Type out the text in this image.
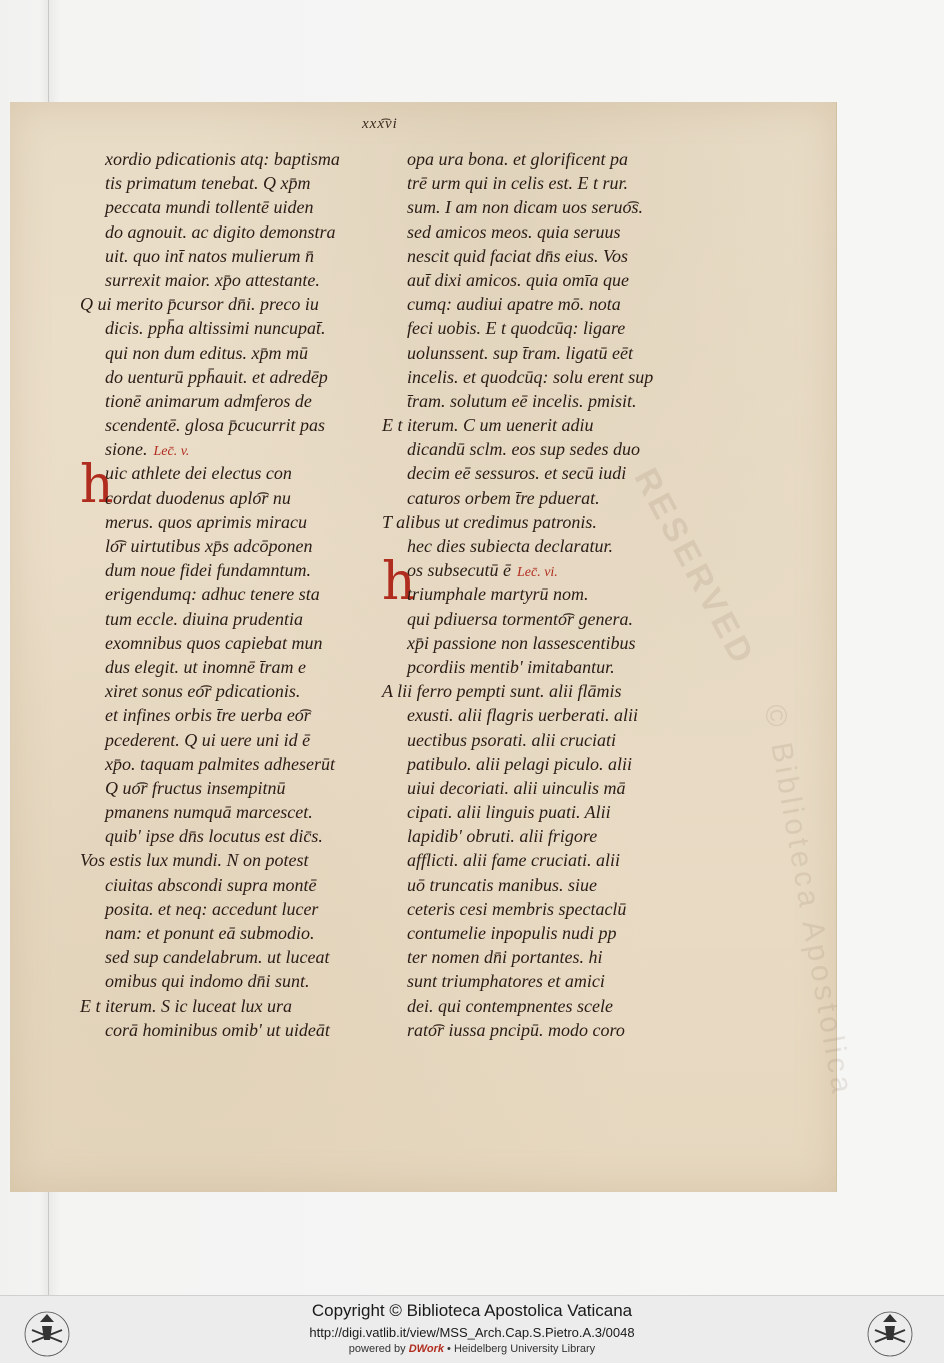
xxx͡vi
RESERVED
© Biblioteca Apostolica
xordio pdicationis atq: baptisma
tis primatum tenebat. Q xp̄m
peccata mundi tollentē uiden
do agnouit. ac digito demonstra
uit. quo int̄ natos mulierum n̄
surrexit maior. xp̄o attestante.
Q ui merito p̄cursor dn̄i. preco iu
dicis. pph̄a altissimi nuncupat̄.
qui non dum editus. xp̄m mū
do uenturū pph̄auit. et adredēp
tionē animarum admferos de
scendentē. glosa p̄cucurrit pas
sione. Lec̄. v.
h
uic athlete dei electus con
cordat duodenus aplo͡r nu
merus. quos aprimis miracu
lo͡r uirtutibus xp̄s adcōponen
dum noue fidei fundamntum.
erigendumq: adhuc tenere sta
tum eccle. diuina prudentia
exomnibus quos capiebat mun
dus elegit. ut inomnē t̄ram e
xiret sonus eo͡r pdicationis.
et infines orbis t̄re uerba eo͡r
pcederent. Q ui uere uni id ē
xp̄o. taquam palmites adheserūt
Q uo͡r fructus insempitnū
pmanens numquā marcescet.
quib' ipse dn̄s locutus est dic̄s.
Vos estis lux mundi. N on potest
ciuitas abscondi supra montē
posita. et neq: accedunt lucer
nam: et ponunt eā submodio.
sed sup candelabrum. ut luceat
omibus qui indomo dn̄i sunt.
E t iterum. S ic luceat lux ura
corā hominibus omib' ut uideāt
opa ura bona. et glorificent pa
trē urm qui in celis est. E t rur.
sum. I am non dicam uos seruo͡s.
sed amicos meos. quia seruus
nescit quid faciat dn̄s eius. Vos
aut̄ dixi amicos. quia omīa que
cumq: audiui apatre mō. nota
feci uobis. E t quodcūq: ligare
uolunssent. sup t̄ram. ligatū eēt
incelis. et quodcūq: solu erent sup
t̄ram. solutum eē incelis. pmisit.
E t iterum. C um uenerit adiu
dicandū sclm. eos sup sedes duo
decim eē sessuros. et secū iudi
caturos orbem t̄re pduerat.
T alibus ut credimus patronis.
hec dies subiecta declaratur.
h
os subsecutū ē Lec̄. vi.
triumphale martyrū nom.
qui pdiuersa tormento͡r genera.
xp̄i passione non lassescentibus
pcordiis mentib' imitabantur.
A lii ferro pempti sunt. alii flāmis
exusti. alii flagris uerberati. alii
uectibus psorati. alii cruciati
patibulo. alii pelagi piculo. alii
uiui decoriati. alii uinculis mā
cipati. alii linguis puati. Alii
lapidib' obruti. alii frigore
afflicti. alii fame cruciati. alii
uō truncatis manibus. siue
ceteris cesi membris spectaclū
contumelie inpopulis nudi pp
ter nomen dn̄i portantes. hi
sunt triumphatores et amici
dei. qui contempnentes scele
rato͡r iussa pncipū. modo coro
Copyright © Biblioteca Apostolica Vaticana
http://digi.vatlib.it/view/MSS_Arch.Cap.S.Pietro.A.3/0048
powered by DWork • Heidelberg University Library
